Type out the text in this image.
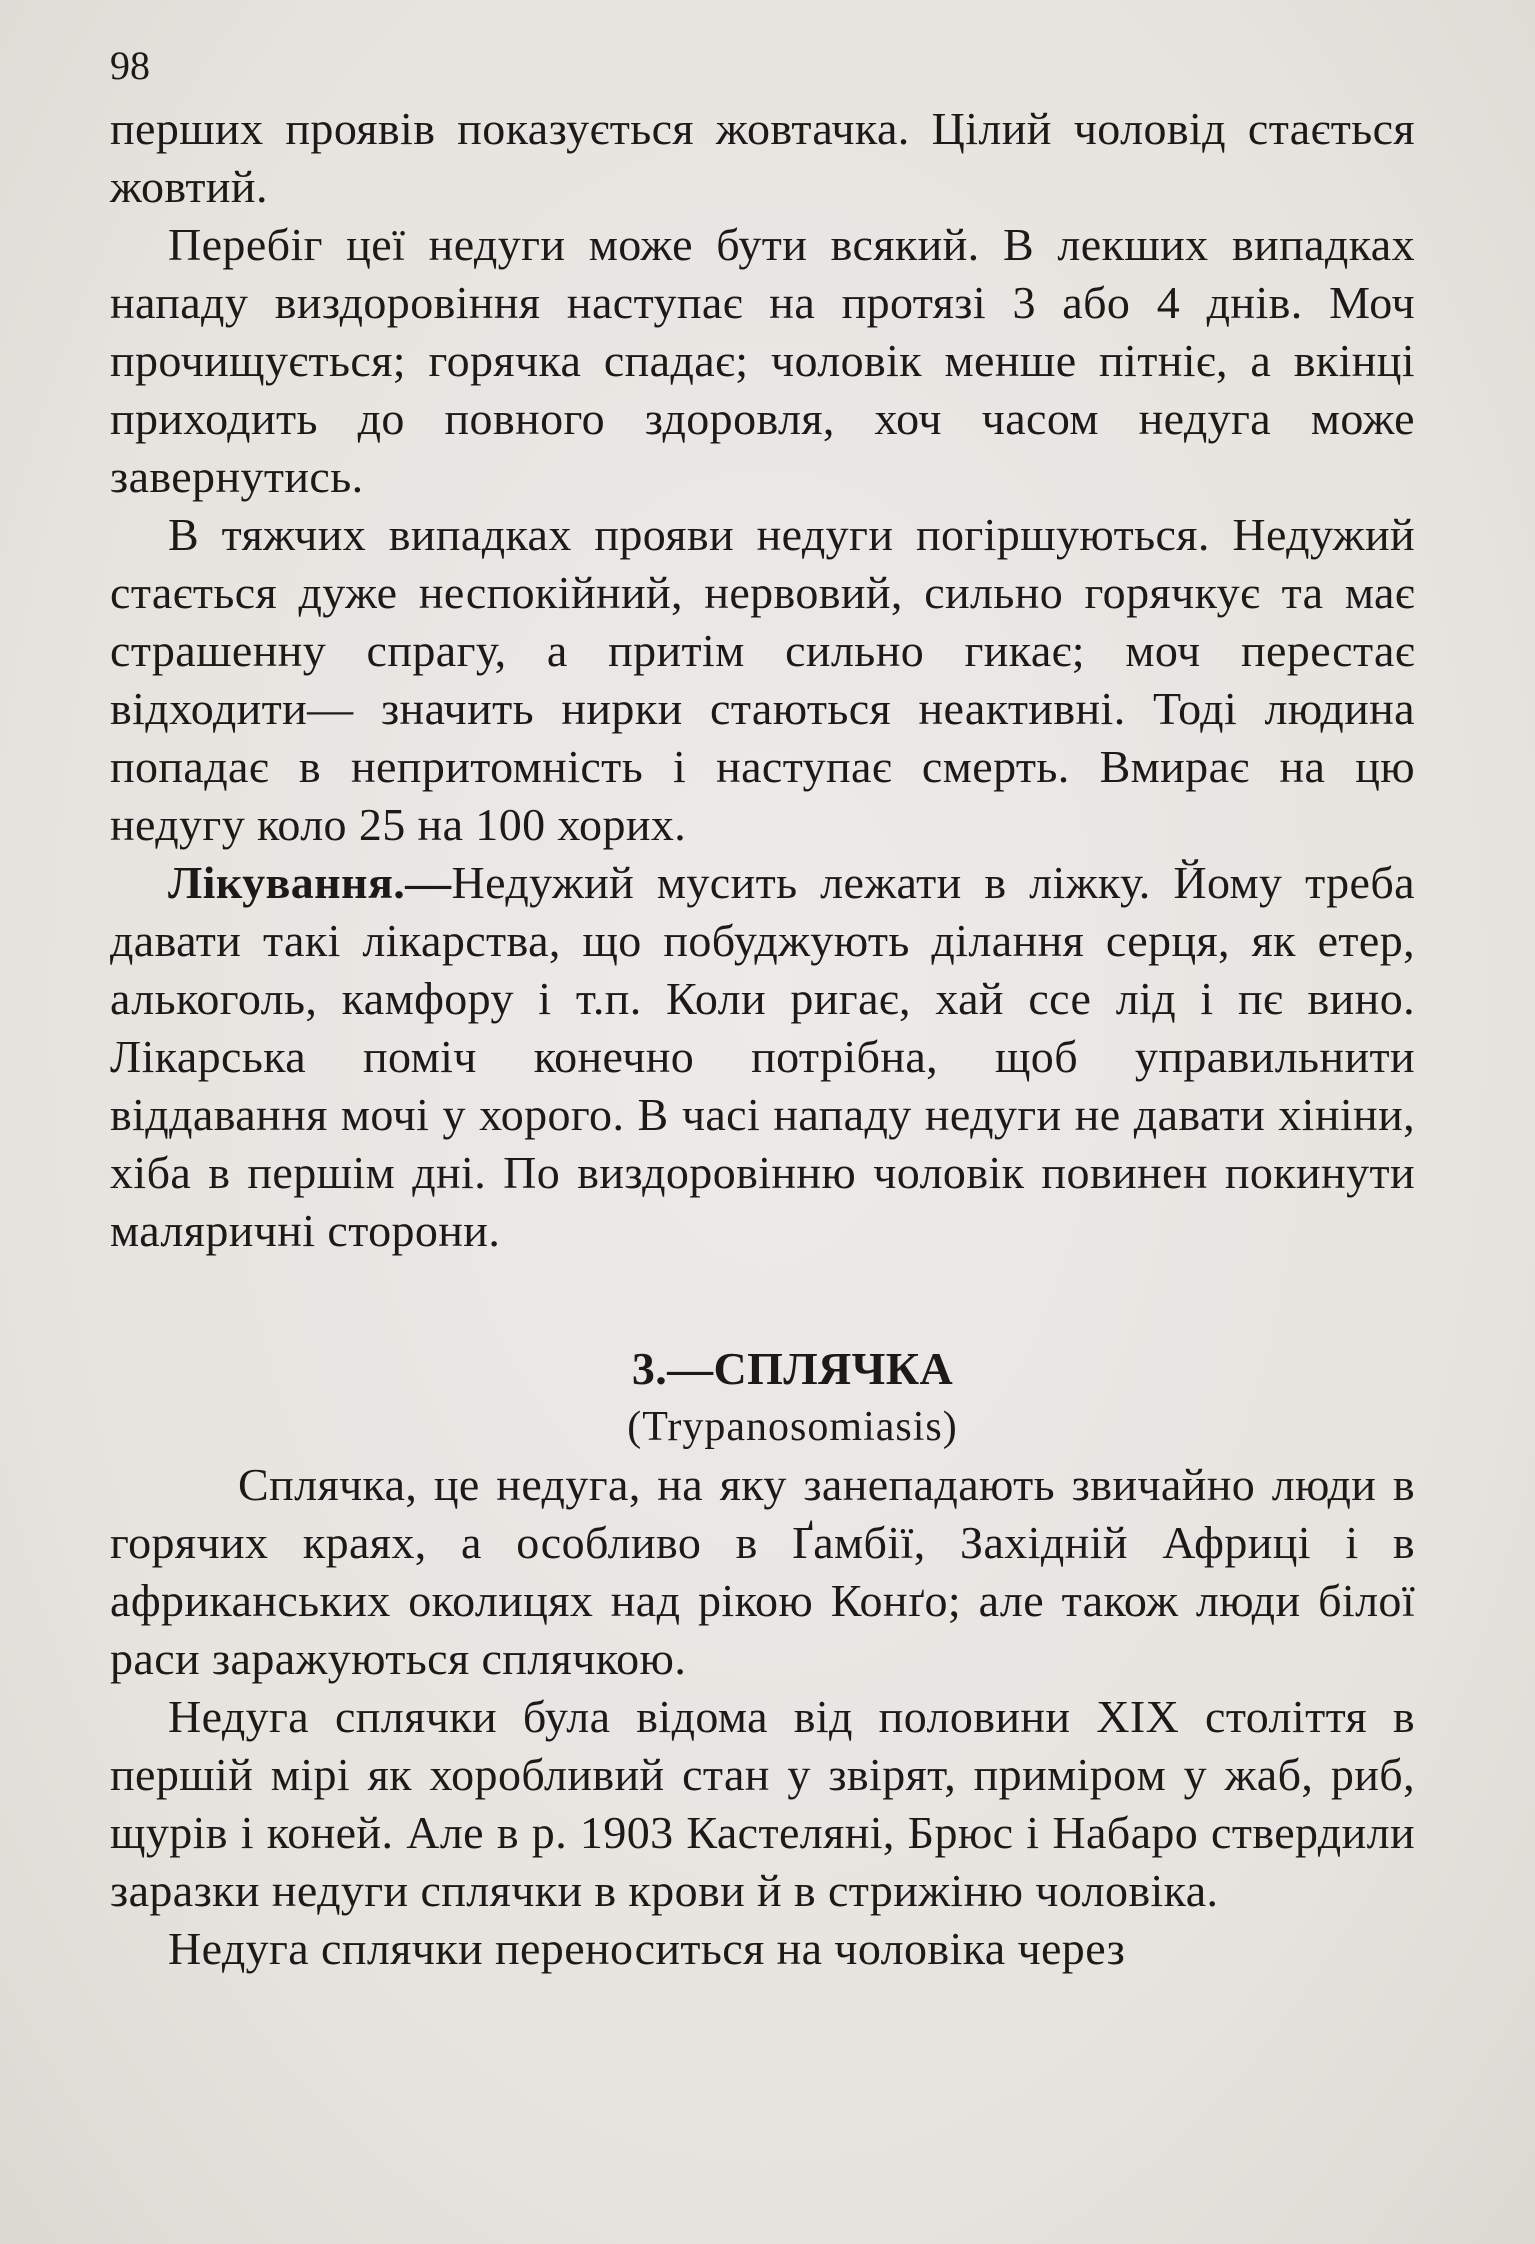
98

перших проявів показується жовтачка. Цілий чоловід стається жовтий.

Перебіг цеї недуги може бути всякий. В лекших випадках нападу виздоровіння наступає на протязі 3 або 4 днів. Моч прочищується; горячка спадає; чоловік менше пітніє, а вкінці приходить до повного здоровля, хоч часом недуга може завернутись.

В тяжчих випадках прояви недуги погіршуються. Недужий стається дуже неспокійний, нервовий, сильно горячкує та має страшенну спрагу, а притім сильно гикає; моч перестає відходити— значить нирки стаються неактивні. Тоді людина попадає в непритомність і наступає смерть. Вмирає на цю недугу коло 25 на 100 хорих.

Лікування.—Недужий мусить лежати в ліжку. Йому треба давати такі лікарства, що побуджують ділання серця, як етер, алькоголь, камфору і т.п. Коли ригає, хай ссе лід і пє вино. Лікарська поміч конечно потрібна, щоб управильнити віддавання мочі у хорого. В часі нападу недуги не давати хініни, хіба в першім дні. По виздоровінню чоловік повинен покинути маляричні сторони.

3.—СПЛЯЧКА
(Trypanosomiasis)

Сплячка, це недуга, на яку занепадають звичайно люди в горячих краях, а особливо в Ґамбії, Західній Африці і в африканських околицях над рікою Конґо; але також люди білої раси заражуються сплячкою.

Недуга сплячки була відома від половини XIX століття в першій мірі як хоробливий стан у звірят, примірoм у жаб, риб, щурів і коней. Але в р. 1903 Кастеляні, Брюс і Набаро ствердили заразки недуги сплячки в крови й в стрижіню чоловіка.

Недуга сплячки переноситься на чоловіка через
